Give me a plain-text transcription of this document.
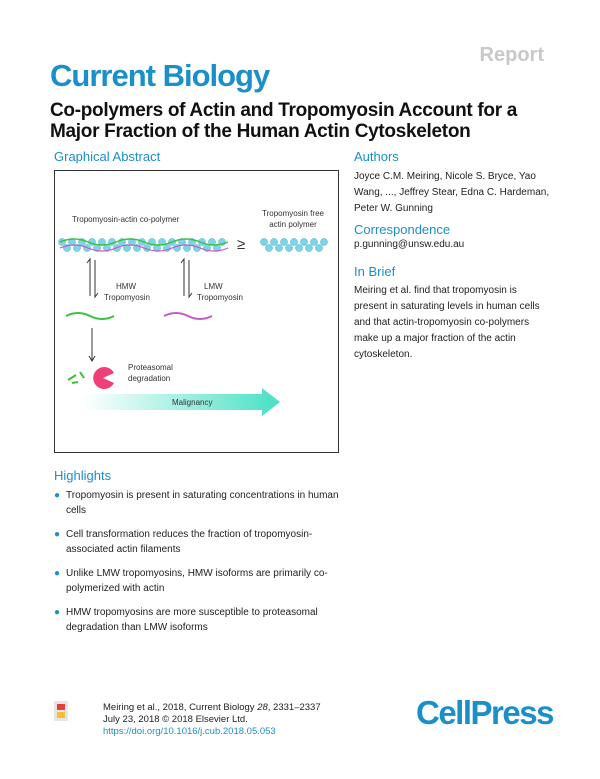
Report
Current Biology
Co-polymers of Actin and Tropomyosin Account for a Major Fraction of the Human Actin Cytoskeleton
Graphical Abstract
Tropomyosin-actin co-polymer
≥
Tropomyosin free
actin polymer
HMW
Tropomyosin
LMW
Tropomyosin
Proteasomal
degradation
Malignancy
Authors
Joyce C.M. Meiring, Nicole S. Bryce, Yao Wang, ..., Jeffrey Stear, Edna C. Hardeman, Peter W. Gunning
Correspondence
p.gunning@unsw.edu.au
In Brief
Meiring et al. find that tropomyosin is present in saturating levels in human cells and that actin-tropomyosin co-polymers make up a major fraction of the actin cytoskeleton.
Highlights
● Tropomyosin is present in saturating concentrations in human cells
● Cell transformation reduces the fraction of tropomyosin-associated actin filaments
● Unlike LMW tropomyosins, HMW isoforms are primarily co-polymerized with actin
● HMW tropomyosins are more susceptible to proteasomal degradation than LMW isoforms
Meiring et al., 2018, Current Biology 28, 2331–2337
July 23, 2018 © 2018 Elsevier Ltd.
https://doi.org/10.1016/j.cub.2018.05.053
CellPress
